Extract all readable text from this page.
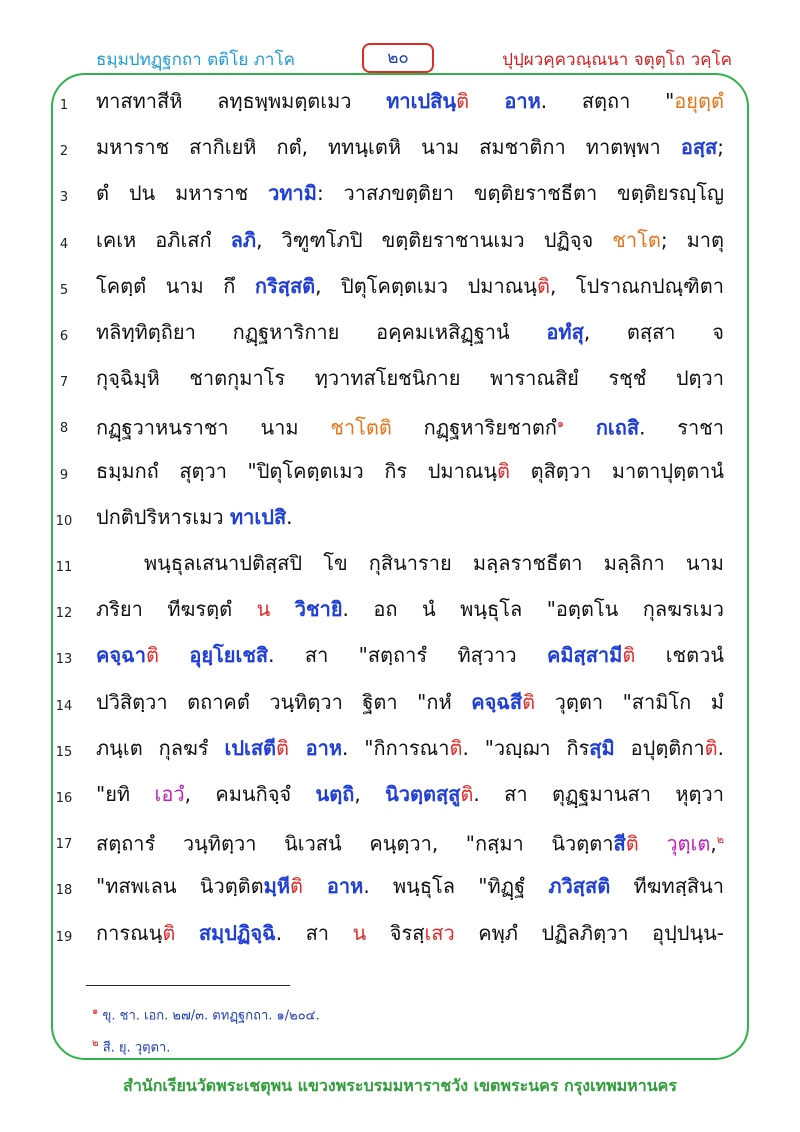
ธมฺมปทฏฺฐกถา ตติโย ภาโค	๒๐	ปุปฺผวคฺควณฺณนา จตุตฺโถ วคฺโค
1	ทาสทาสีหิ ลทฺธพฺพมตฺตเมว ทาเปสินฺติ อาห. สตฺถา "อยุตฺตํ
2	มหาราช สากิเยหิ กตํ, ททนฺเตหิ นาม สมชาติกา ทาตพฺพา อสฺส;
3	ตํ ปน มหาราช วทามิ: วาสภขตฺติยา ขตฺติยราชธีตา ขตฺติยรญฺโญ
4	เคเห อภิเสกํ ลภิ, วิฑูฑโภปิ ขตฺติยราชานเมว ปฏิจฺจ ชาโต; มาตุ
5	โคตฺตํ นาม กึ กริสฺสติ, ปิตุโคตฺตเมว ปมาณนฺติ, โปราณกปณฺฑิตา
6	ทลิทฺทิตฺถิยา กฏฺฐหาริกาย อคฺคมเหสิฏฺฐานํ อทํสุ, ตสฺสา จ
7	กุจฺฉิมฺหิ ชาตกุมาโร ทฺวาทสโยชนิกาย พาราณสิยํ รชฺชํ ปตฺวา
8	กฏฺฐวาหนราชา นาม ชาโตติ กฏฺฐหาริยชาตกํ$^๑$ กเถสิ. ราชา
9	ธมฺมกถํ สุตฺวา "ปิตุโคตฺตเมว กิร ปมาณนฺติ ตุสิตฺวา มาตาปุตฺตานํ
10 ปกติปริหารเมว ทาเปสิ.
11	พนฺธุลเสนาปติสฺสปิ โข กุสินาราย มลฺลราชธีตา มลฺลิกา นาม
12 ภริยา ทีฆรตฺตํ น วิชายิ. อถ นํ พนฺธุโล "อตฺตโน กุลฆรเมว
13 คจฺฉาติ อุยฺโยเชสิ. สา "สตฺถารํ ทิสฺวาว คมิสฺสามีติ เชตวนํ
14 ปวิสิตฺวา ตถาคตํ วนฺทิตฺวา ฐิตา "กหํ คจฺฉสีติ วุตฺตา "สามิโก มํ
15 ภนฺเต กุลฆรํ เปเสตีติ อาห. "กิการณาติ. "วญฺฌา กิรสฺมิ อปุตฺติกาติ.
16 "ยทิ เอวํ, คมนกิจฺจํ นตฺถิ, นิวตฺตสฺสูติ. สา ตุฏฺฐมานสา หุตฺวา
17 สตฺถารํ วนฺทิตฺวา นิเวสนํ คนฺตฺวา, "กสฺมา นิวตฺตาสีติ วุตฺเต,$^๒$
18 "ทสพเลน นิวตฺติตมฺหีติ อาห. พนฺธุโล "ทิฏฺฐํ ภวิสฺสติ ทีฆทสฺสินา
19 การณนฺติ สมฺปฏิจฺฉิ. สา น จิรสฺเสว คพฺภํ ปฏิลภิตฺวา อุปฺปนฺน-
$^๑$ ขุ. ชา. เอก. ๒๗/๓. ตทฏฺฐกถา. ๑/๒๐๔.
$^๒$ สี. ยุ. วุตฺตา.
สำนักเรียนวัดพระเชตุพน แขวงพระบรมมหาราชวัง เขตพระนคร กรุงเทพมหานคร
